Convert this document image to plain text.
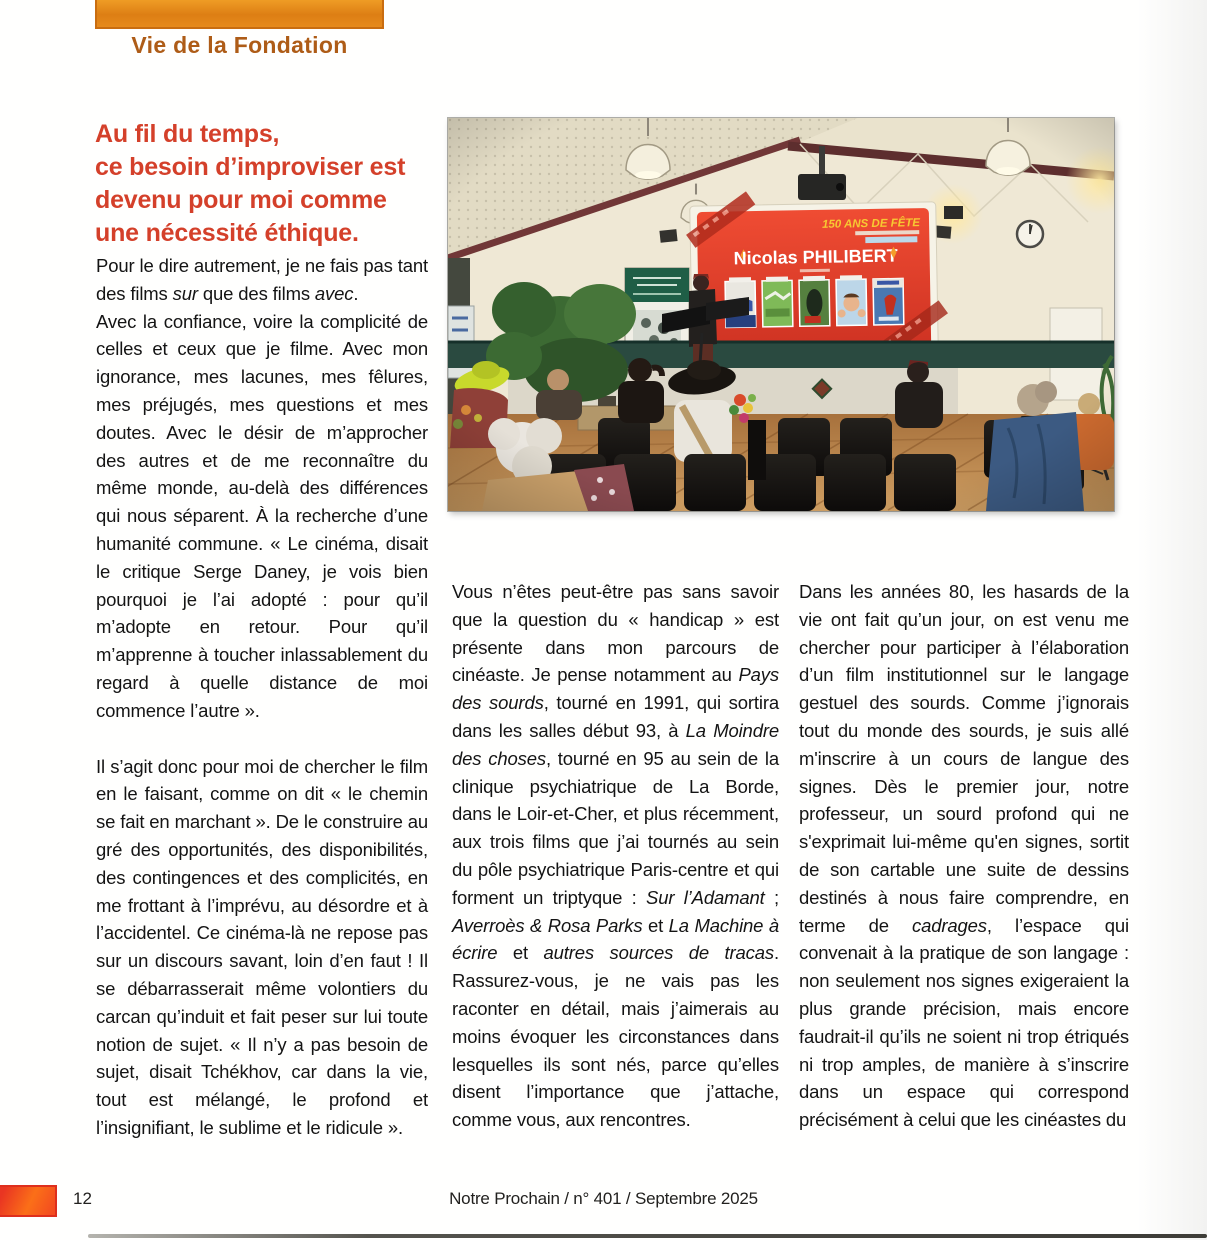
Vie de la Fondation
Au fil du temps,
ce besoin d’improviser est
devenu pour moi comme
une nécessité éthique.

Pour le dire autrement, je ne fais pas tant des films sur que des films avec.

Avec la confiance, voire la complicité de celles et ceux que je filme. Avec mon ignorance, mes lacunes, mes fêlures, mes préjugés, mes questions et mes doutes. Avec le désir de m’approcher des autres et de me reconnaître du même monde, au-delà des différences qui nous séparent. À la recherche d’une humanité commune. « Le cinéma, disait le critique Serge Daney, je vois bien pourquoi je l’ai adopté : pour qu’il m’adopte en retour. Pour qu’il m’apprenne à toucher inlassablement du regard à quelle distance de moi commence l’autre ».

Il s’agit donc pour moi de chercher le film en le faisant, comme on dit « le chemin se fait en marchant ». De le construire au gré des opportunités, des disponibilités, des contingences et des complicités, en me frottant à l’imprévu, au désordre et à l’accidentel. Ce cinéma-là ne repose pas sur un discours savant, loin d’en faut ! Il se débarrasserait même volontiers du carcan qu’induit et fait peser sur lui toute notion de sujet. « Il n’y a pas besoin de sujet, disait Tchékhov, car dans la vie, tout est mélangé, le profond et l’insignifiant, le sublime et le ridicule ».

Vous n’êtes peut-être pas sans savoir que la question du « handicap » est présente dans mon parcours de cinéaste. Je pense notamment au Pays des sourds, tourné en 1991, qui sortira dans les salles début 93, à La Moindre des choses, tourné en 95 au sein de la clinique psychiatrique de La Borde, dans le Loir-et-Cher, et plus récemment, aux trois films que j’ai tournés au sein du pôle psychiatrique Paris-centre et qui forment un triptyque : Sur l’Adamant ; Averroès & Rosa Parks et La Machine à écrire et autres sources de tracas. Rassurez-vous, je ne vais pas les raconter en détail, mais j’aimerais au moins évoquer les circonstances dans lesquelles ils sont nés, parce qu’elles disent l’importance que j’attache, comme vous, aux rencontres.

Dans les années 80, les hasards de la vie ont fait qu’un jour, on est venu me chercher pour participer à l’élaboration d’un film institutionnel sur le langage gestuel des sourds. Comme j’ignorais tout du monde des sourds, je suis allé m'inscrire à un cours de langue des signes. Dès le premier jour, notre professeur, un sourd profond qui ne s'exprimait lui-même qu'en signes, sortit de son cartable une suite de dessins destinés à nous faire comprendre, en terme de cadrages, l’espace qui convenait à la pratique de son langage : non seulement nos signes exigeraient la plus grande précision, mais encore faudrait-il qu’ils ne soient ni trop étriqués ni trop amples, de manière à s’inscrire dans un espace qui correspond précisément à celui que les cinéastes du

12	Notre Prochain / n° 401 / Septembre 2025
